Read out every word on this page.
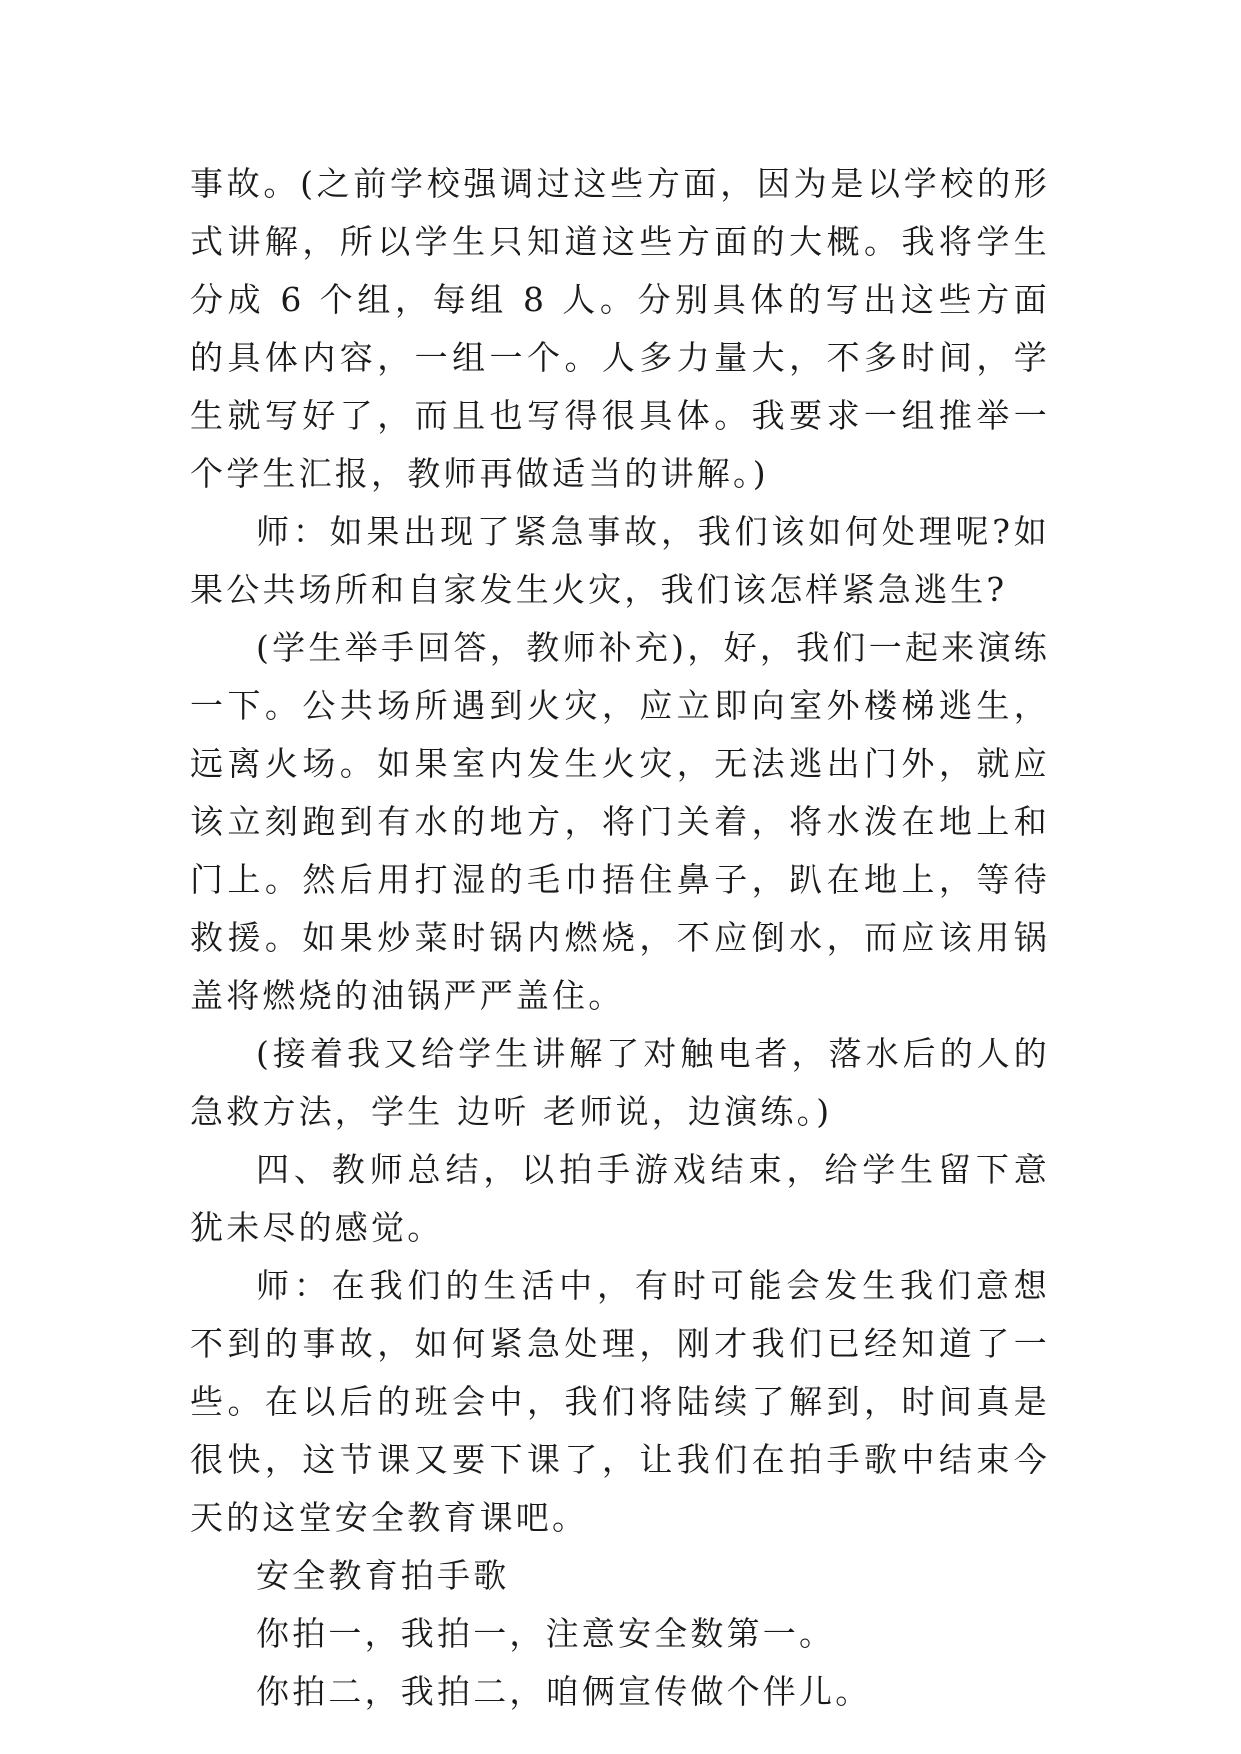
事故。(之前学校强调过这些方面，因为是以学校的形式讲解，所以学生只知道这些方面的大概。我将学生分成 6 个组，每组 8 人。分别具体的写出这些方面的具体内容，一组一个。人多力量大，不多时间，学生就写好了，而且也写得很具体。我要求一组推举一个学生汇报，教师再做适当的讲解。)

师：如果出现了紧急事故，我们该如何处理呢?如果公共场所和自家发生火灾，我们该怎样紧急逃生?

(学生举手回答，教师补充)，好，我们一起来演练一下。公共场所遇到火灾，应立即向室外楼梯逃生，远离火场。如果室内发生火灾，无法逃出门外，就应该立刻跑到有水的地方，将门关着，将水泼在地上和门上。然后用打湿的毛巾捂住鼻子，趴在地上，等待救援。如果炒菜时锅内燃烧，不应倒水，而应该用锅盖将燃烧的油锅严严盖住。

(接着我又给学生讲解了对触电者，落水后的人的急救方法，学生 边听 老师说，边演练。)

四、教师总结，以拍手游戏结束，给学生留下意犹未尽的感觉。

师：在我们的生活中，有时可能会发生我们意想不到的事故，如何紧急处理，刚才我们已经知道了一些。在以后的班会中，我们将陆续了解到，时间真是很快，这节课又要下课了，让我们在拍手歌中结束今天的这堂安全教育课吧。

安全教育拍手歌

你拍一，我拍一，注意安全数第一。

你拍二，我拍二，咱俩宣传做个伴儿。
